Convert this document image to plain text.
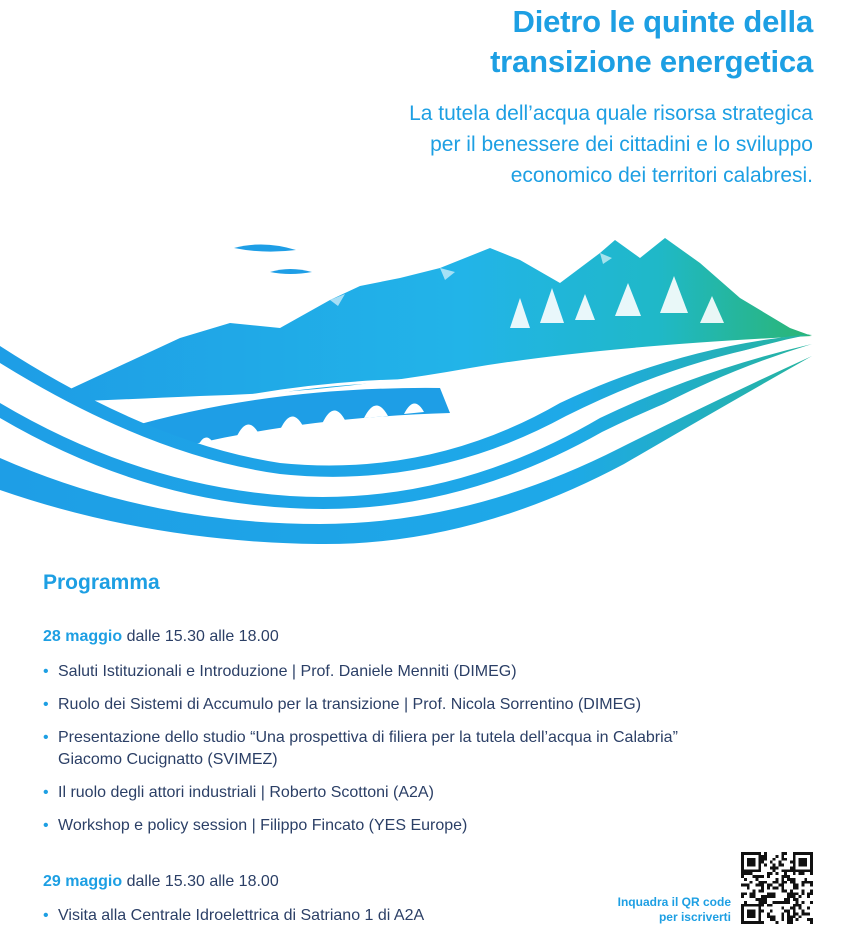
Dietro le quinte della
transizione energetica

La tutela dell’acqua quale risorsa strategica
per il benessere dei cittadini e lo sviluppo
economico dei territori calabresi.

Programma
28 maggio dalle 15.30 alle 18.00
• Saluti Istituzionali e Introduzione | Prof. Daniele Menniti (DIMEG)
• Ruolo dei Sistemi di Accumulo per la transizione | Prof. Nicola Sorrentino (DIMEG)
• Presentazione dello studio “Una prospettiva di filiera per la tutela dell’acqua in Calabria”
Giacomo Cucignatto (SVIMEZ)
• Il ruolo degli attori industriali | Roberto Scottoni (A2A)
• Workshop e policy session | Filippo Fincato (YES Europe)
29 maggio dalle 15.30 alle 18.00
• Visita alla Centrale Idroelettrica di Satriano 1 di A2A

Inquadra il QR code
per iscriverti
